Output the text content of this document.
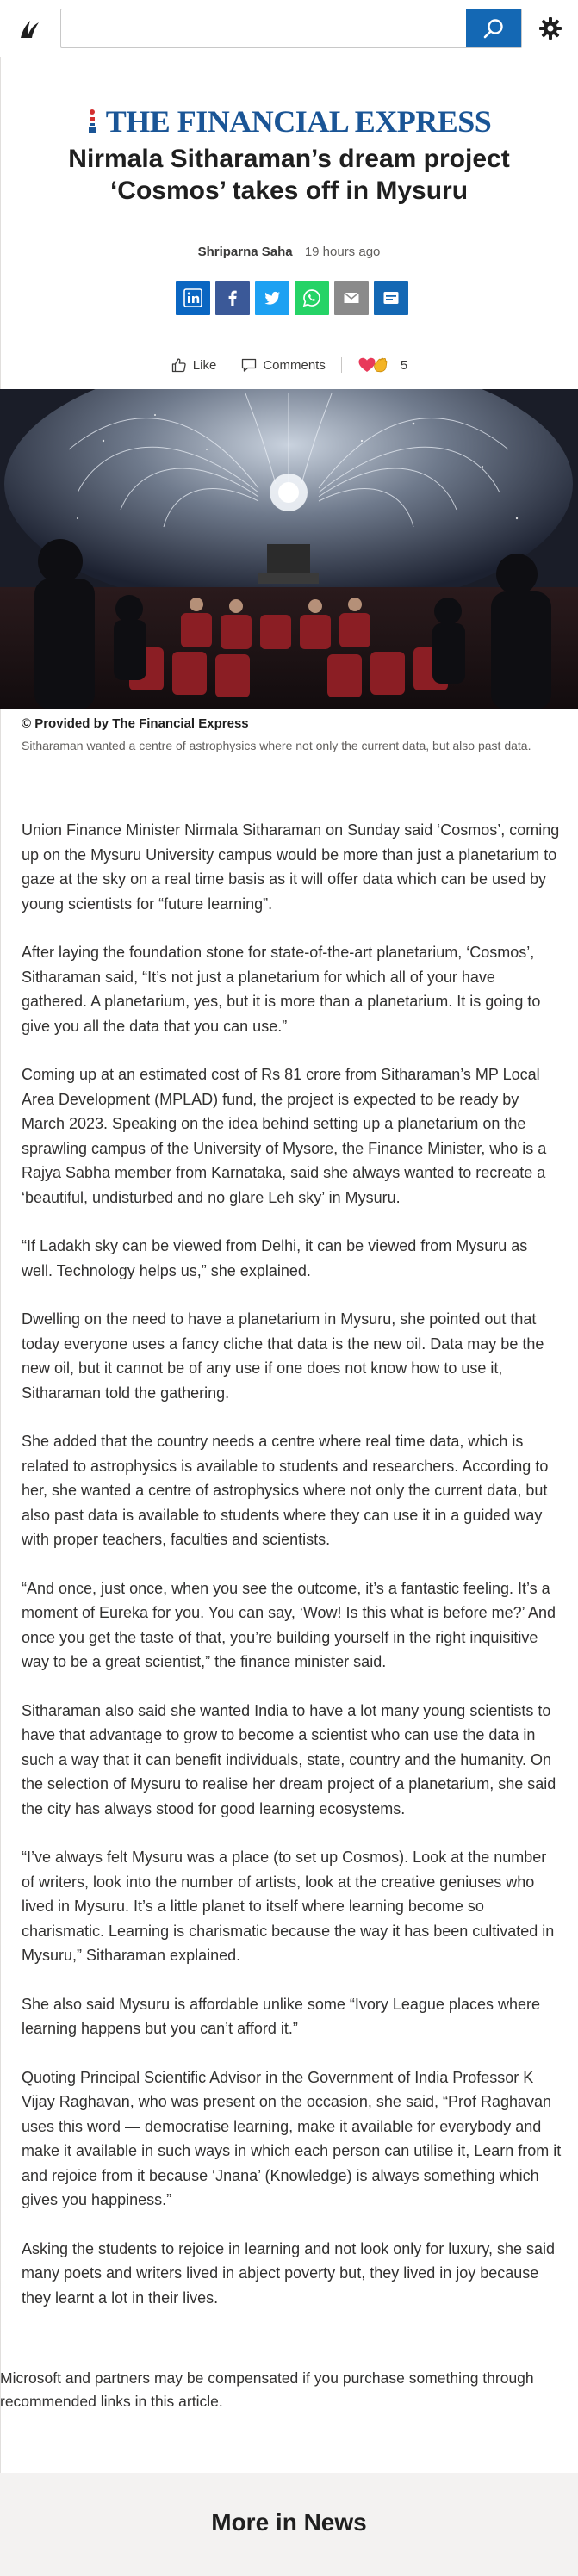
THE FINANCIAL EXPRESS
Nirmala Sitharaman’s dream project ‘Cosmos’ takes off in Mysuru
Shriparna Saha 19 hours ago
Like	Comments	5
© Provided by The Financial Express
Sitharaman wanted a centre of astrophysics where not only the current data, but also past data.

Union Finance Minister Nirmala Sitharaman on Sunday said ‘Cosmos’, coming up on the Mysuru University campus would be more than just a planetarium to gaze at the sky on a real time basis as it will offer data which can be used by young scientists for “future learning”.

After laying the foundation stone for state-of-the-art planetarium, ‘Cosmos’, Sitharaman said, “It’s not just a planetarium for which all of your have gathered. A planetarium, yes, but it is more than a planetarium. It is going to give you all the data that you can use.”

Coming up at an estimated cost of Rs 81 crore from Sitharaman’s MP Local Area Development (MPLAD) fund, the project is expected to be ready by March 2023. Speaking on the idea behind setting up a planetarium on the sprawling campus of the University of Mysore, the Finance Minister, who is a Rajya Sabha member from Karnataka, said she always wanted to recreate a ‘beautiful, undisturbed and no glare Leh sky’ in Mysuru.

“If Ladakh sky can be viewed from Delhi, it can be viewed from Mysuru as well. Technology helps us,” she explained.

Dwelling on the need to have a planetarium in Mysuru, she pointed out that today everyone uses a fancy cliche that data is the new oil. Data may be the new oil, but it cannot be of any use if one does not know how to use it, Sitharaman told the gathering.

She added that the country needs a centre where real time data, which is related to astrophysics is available to students and researchers. According to her, she wanted a centre of astrophysics where not only the current data, but also past data is available to students where they can use it in a guided way with proper teachers, faculties and scientists.

“And once, just once, when you see the outcome, it’s a fantastic feeling. It’s a moment of Eureka for you. You can say, ‘Wow! Is this what is before me?’ And once you get the taste of that, you’re building yourself in the right inquisitive way to be a great scientist,” the finance minister said.

Sitharaman also said she wanted India to have a lot many young scientists to have that advantage to grow to become a scientist who can use the data in such a way that it can benefit individuals, state, country and the humanity. On the selection of Mysuru to realise her dream project of a planetarium, she said the city has always stood for good learning ecosystems.

“I’ve always felt Mysuru was a place (to set up Cosmos). Look at the number of writers, look into the number of artists, look at the creative geniuses who lived in Mysuru. It’s a little planet to itself where learning become so charismatic. Learning is charismatic because the way it has been cultivated in Mysuru,” Sitharaman explained.

She also said Mysuru is affordable unlike some “Ivory League places where learning happens but you can’t afford it.”

Quoting Principal Scientific Advisor in the Government of India Professor K Vijay Raghavan, who was present on the occasion, she said, “Prof Raghavan uses this word — democratise learning, make it available for everybody and make it available in such ways in which each person can utilise it, Learn from it and rejoice from it because ‘Jnana’ (Knowledge) is always something which gives you happiness.”

Asking the students to rejoice in learning and not look only for luxury, she said many poets and writers lived in abject poverty but, they lived in joy because they learnt a lot in their lives.

Microsoft and partners may be compensated if you purchase something through recommended links in this article.
More in News
